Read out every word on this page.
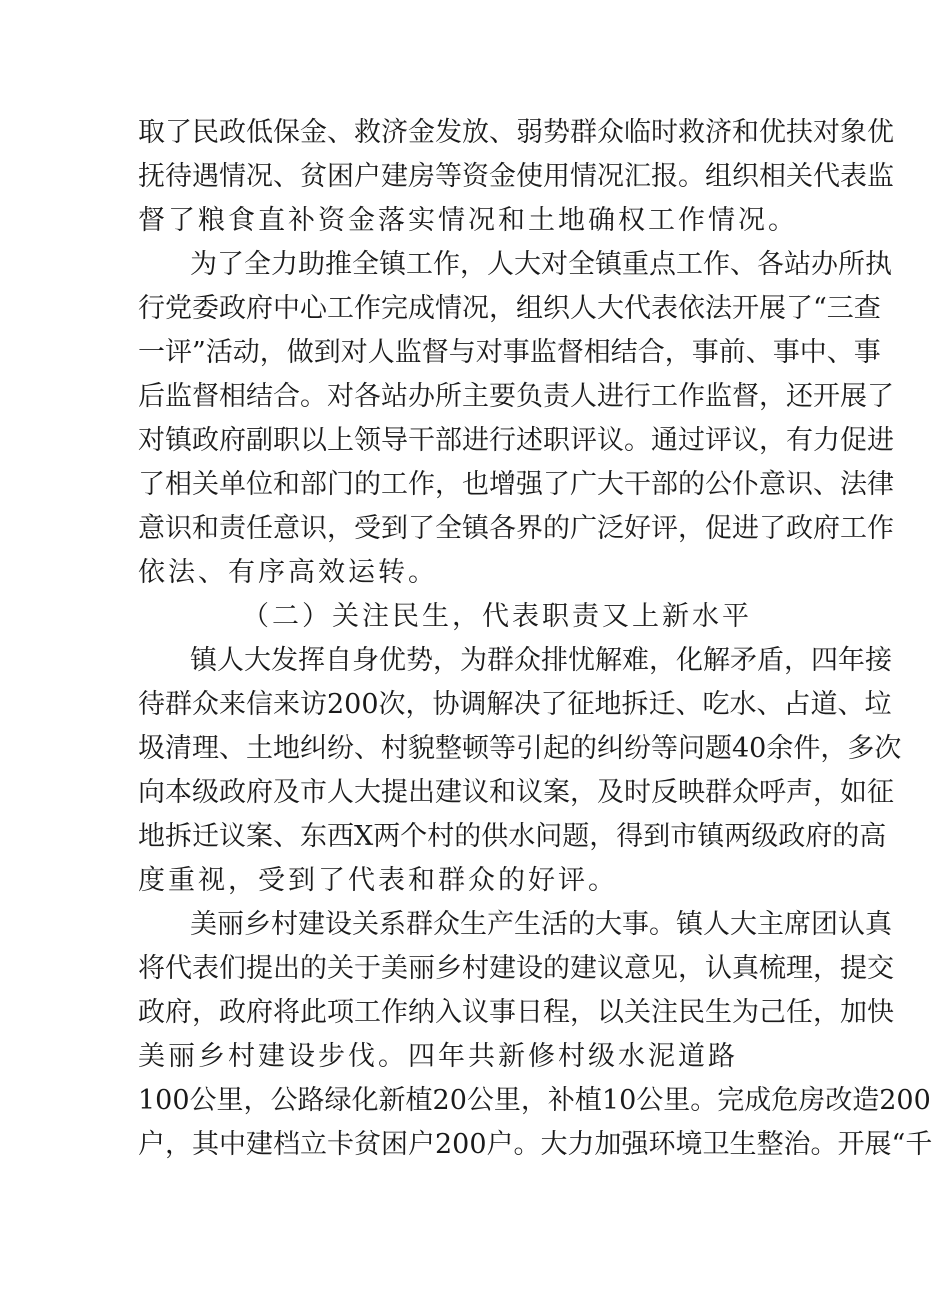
取了民政低保金、救济金发放、弱势群众临时救济和优扶对象优
抚待遇情况、贫困户建房等资金使用情况汇报。组织相关代表监
督了粮食直补资金落实情况和土地确权工作情况。
为了全力助推全镇工作，人大对全镇重点工作、各站办所执
行党委政府中心工作完成情况，组织人大代表依法开展了“三查
一评”活动，做到对人监督与对事监督相结合，事前、事中、事
后监督相结合。对各站办所主要负责人进行工作监督，还开展了
对镇政府副职以上领导干部进行述职评议。通过评议，有力促进
了相关单位和部门的工作，也增强了广大干部的公仆意识、法律
意识和责任意识，受到了全镇各界的广泛好评，促进了政府工作
依法、有序高效运转。
（二）关注民生，代表职责又上新水平
镇人大发挥自身优势，为群众排忧解难，化解矛盾，四年接
待群众来信来访200次，协调解决了征地拆迁、吃水、占道、垃
圾清理、土地纠纷、村貌整顿等引起的纠纷等问题40余件，多次
向本级政府及市人大提出建议和议案，及时反映群众呼声，如征
地拆迁议案、东西X两个村的供水问题，得到市镇两级政府的高
度重视，受到了代表和群众的好评。
美丽乡村建设关系群众生产生活的大事。镇人大主席团认真
将代表们提出的关于美丽乡村建设的建议意见，认真梳理，提交
政府，政府将此项工作纳入议事日程，以关注民生为己任，加快
美丽乡村建设步伐。四年共新修村级水泥道路
100公里，公路绿化新植20公里，补植10公里。完成危房改造200
户，其中建档立卡贫困户200户。大力加强环境卫生整治。开展“千
